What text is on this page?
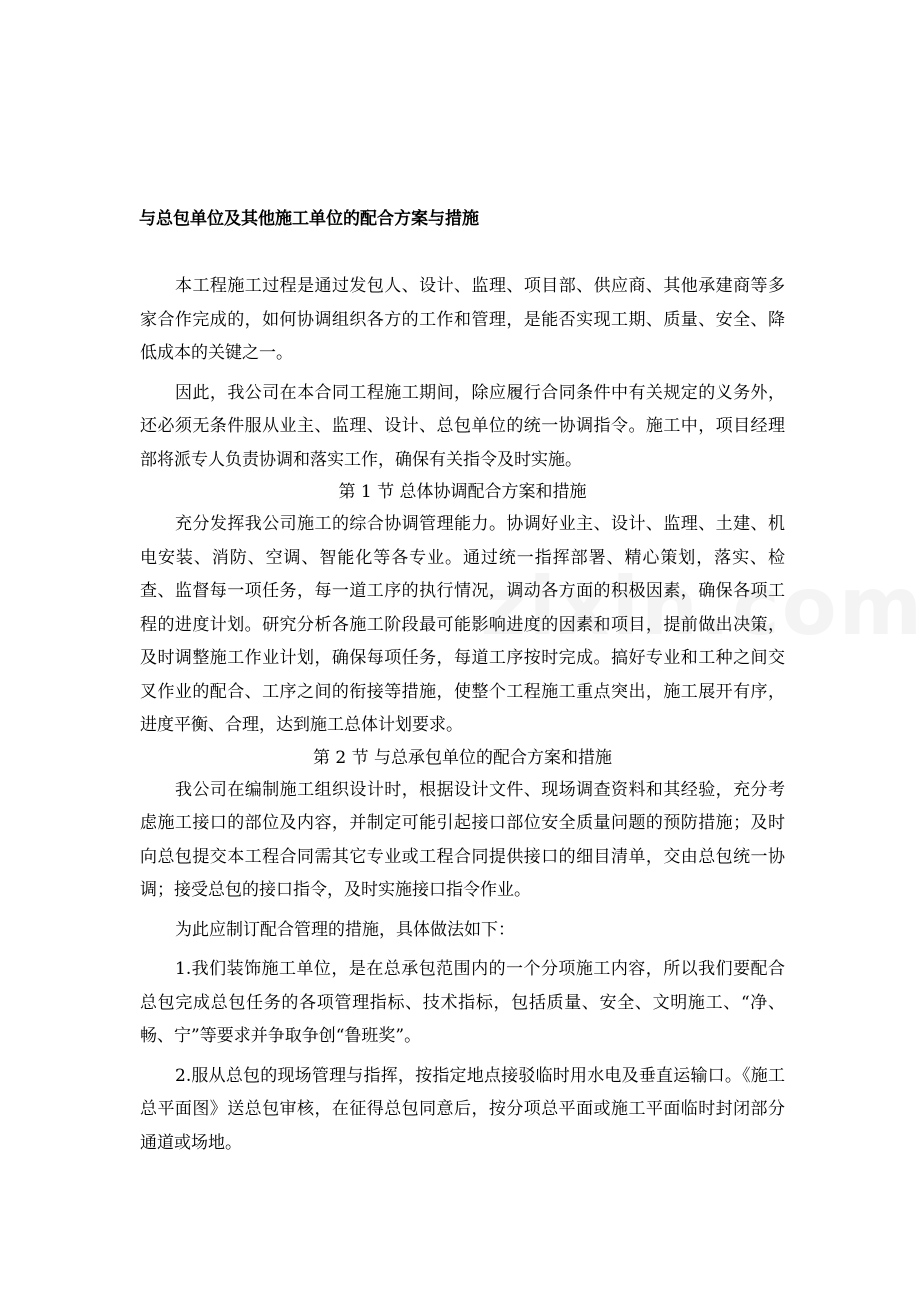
与总包单位及其他施工单位的配合方案与措施

本工程施工过程是通过发包人、设计、监理、项目部、供应商、其他承建商等多家合作完成的，如何协调组织各方的工作和管理，是能否实现工期、质量、安全、降低成本的关键之一。

因此，我公司在本合同工程施工期间，除应履行合同条件中有关规定的义务外，还必须无条件服从业主、监理、设计、总包单位的统一协调指令。施工中，项目经理部将派专人负责协调和落实工作，确保有关指令及时实施。

第 1 节 总体协调配合方案和措施

充分发挥我公司施工的综合协调管理能力。协调好业主、设计、监理、土建、机电安装、消防、空调、智能化等各专业。通过统一指挥部署、精心策划，落实、检查、监督每一项任务，每一道工序的执行情况，调动各方面的积极因素，确保各项工程的进度计划。研究分析各施工阶段最可能影响进度的因素和项目，提前做出决策，及时调整施工作业计划，确保每项任务，每道工序按时完成。搞好专业和工种之间交叉作业的配合、工序之间的衔接等措施，使整个工程施工重点突出，施工展开有序，进度平衡、合理，达到施工总体计划要求。

第 2 节 与总承包单位的配合方案和措施

我公司在编制施工组织设计时，根据设计文件、现场调查资料和其经验，充分考虑施工接口的部位及内容，并制定可能引起接口部位安全质量问题的预防措施；及时向总包提交本工程合同需其它专业或工程合同提供接口的细目清单，交由总包统一协调；接受总包的接口指令，及时实施接口指令作业。

为此应制订配合管理的措施，具体做法如下：

1.我们装饰施工单位，是在总承包范围内的一个分项施工内容，所以我们要配合总包完成总包任务的各项管理指标、技术指标，包括质量、安全、文明施工、“净、畅、宁”等要求并争取争创“鲁班奖”。

2.服从总包的现场管理与指挥，按指定地点接驳临时用水电及垂直运输口。《施工总平面图》送总包审核，在征得总包同意后，按分项总平面或施工平面临时封闭部分通道或场地。
